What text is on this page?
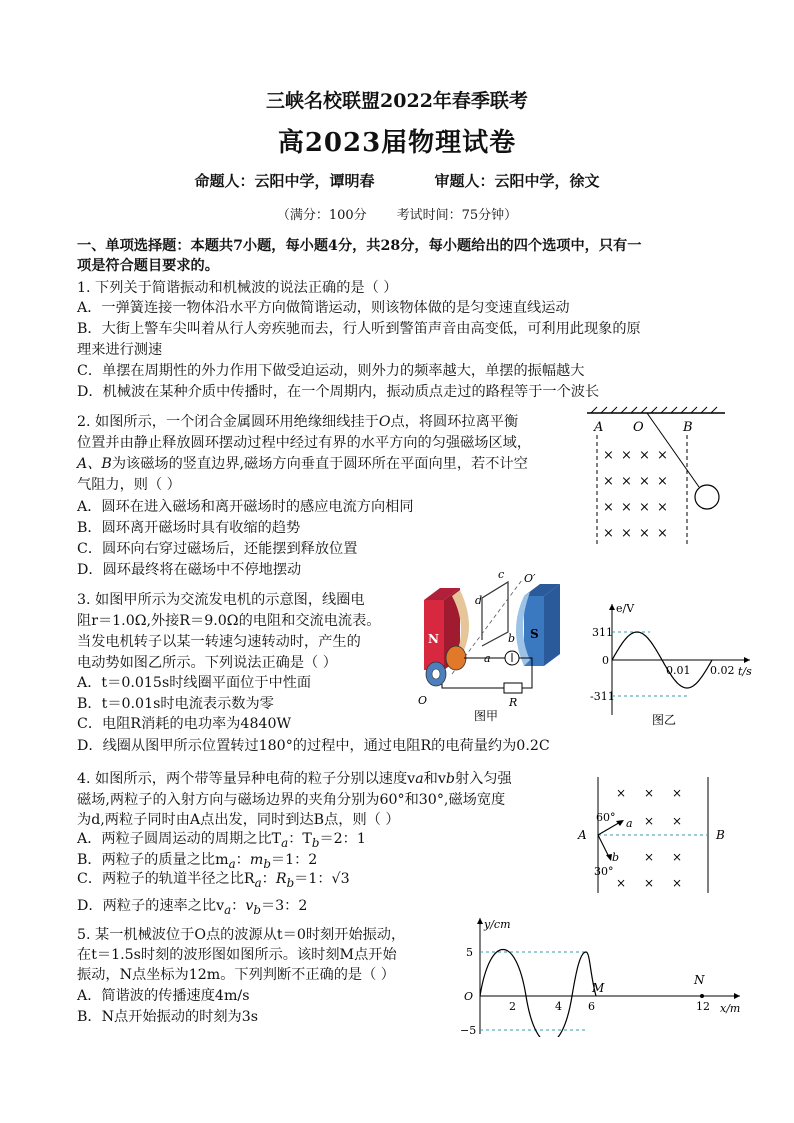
三峡名校联盟2022年春季联考
高2023届物理试卷
命题人：云阳中学，谭明春	审题人：云阳中学，徐文
（满分：100分 考试时间：75分钟）
一、单项选择题：本题共7小题，每小题4分，共28分，每小题给出的四个选项中，只有一
项是符合题目要求的。
1. 下列关于简谐振动和机械波的说法正确的是（ ）
A．一弹簧连接一物体沿水平方向做简谐运动，则该物体做的是匀变速直线运动
B．大街上警车尖叫着从行人旁疾驰而去，行人听到警笛声音由高变低，可利用此现象的原
理来进行测速
C．单摆在周期性的外力作用下做受迫运动，则外力的频率越大，单摆的振幅越大
D．机械波在某种介质中传播时，在一个周期内，振动质点走过的路程等于一个波长
2. 如图所示，一个闭合金属圆环用绝缘细线挂于O点，将圆环拉离平衡
位置并由静止释放圆环摆动过程中经过有界的水平方向的匀强磁场区域，
A、B为该磁场的竖直边界,磁场方向垂直于圆环所在平面向里，若不计空
气阻力，则（ ）
A．圆环在进入磁场和离开磁场时的感应电流方向相同
B．圆环离开磁场时具有收缩的趋势
C．圆环向右穿过磁场后，还能摆到释放位置
D．圆环最终将在磁场中不停地摆动
A O	B
× × × ×
× × × ×
× × × ×
× × × ×
3. 如图甲所示为交流发电机的示意图，线圈电
阻r＝1.0Ω,外接R＝9.0Ω的电阻和交流电流表。
当发电机转子以某一转速匀速转动时，产生的
电动势如图乙所示。下列说法正确是（ ）
A．t＝0.015s时线圈平面位于中性面
B．t＝0.01s时电流表示数为零
C．电阻R消耗的电功率为4840W
D．线圈从图甲所示位置转过180°的过程中，通过电阻R的电荷量约为0.2C
N	S
c O′
d
b
a
O	R
图甲
e/V
t/s
311
-311
0
0.01 0.02
图乙
4. 如图所示，两个带等量异种电荷的粒子分别以速度va和vb射入匀强
磁场,两粒子的入射方向与磁场边界的夹角分别为60°和30°,磁场宽度
为d,两粒子同时由A点出发，同时到达B点，则（ ）
A．两粒子圆周运动的周期之比$T_a$：$T_b=2$：1
B．两粒子的质量之比$m_a$：$m_b=1$：2
C．两粒子的轨道半径之比$R_a$：$R_b=1$：√3
D．两粒子的速率之比$v_a$：$v_b=3$：2
A	B
× × ×
× ×
× ×
× × ×
a
b
60°
30°
5. 某一机械波位于O点的波源从t＝0时刻开始振动，
在t＝1.5s时刻的波形图如图所示。该时刻M点开始
振动，N点坐标为12m。下列判断不正确的是（ ）
A．简谐波的传播速度4m/s
B．N点开始振动的时刻为3s
y/cm
x/m
O
5
−5
2	4 6
M
N
12
